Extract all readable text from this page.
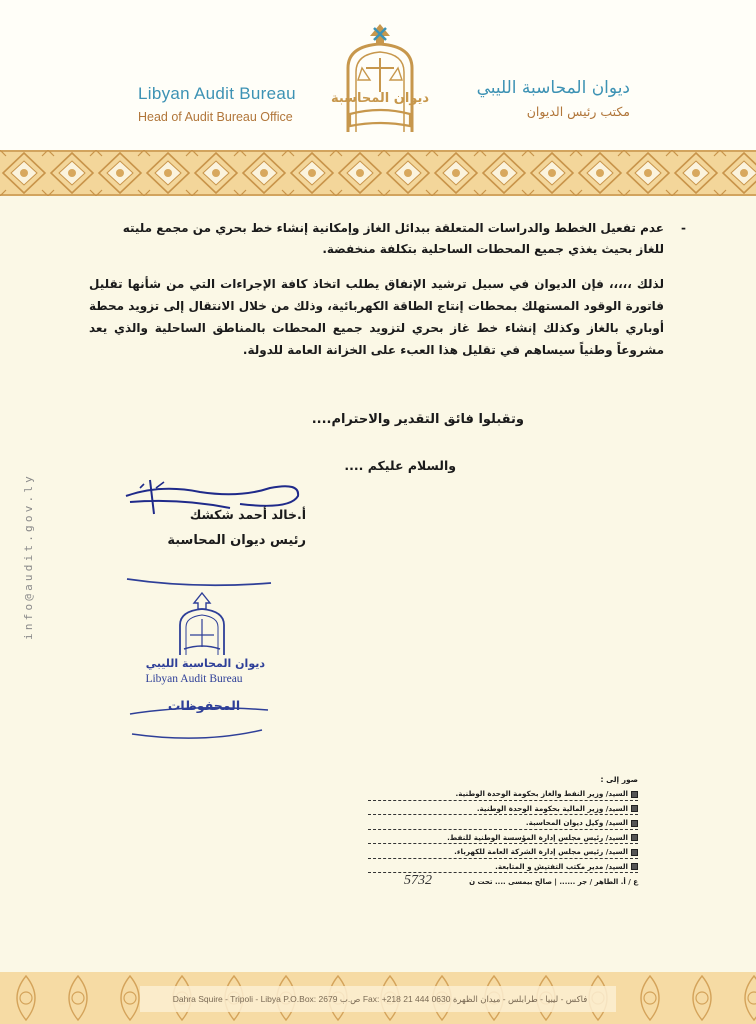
Libyan Audit Bureau
Head of Audit Bureau Office
ديوان المحاسبة
ديوان المحاسبة الليبي
مكتب رئيس الديوان
-
عدم تفعيل الخطط والدراسات المتعلقة ببدائل الغاز وإمكانية إنشاء خط بحري من مجمع مليته للغاز بحيث يغذي جميع المحطات الساحلية بتكلفة منخفضة.
لذلك ،،،،، فإن الديوان في سبيل ترشيد الإنفاق يطلب اتخاذ كافة الإجراءات التي من شأنها تقليل فاتورة الوقود المستهلك بمحطات إنتاج الطاقة الكهربائية، وذلك من خلال الانتقال إلى تزويد محطة أوباري بالغاز وكذلك إنشاء خط غاز بحري لتزويد جميع المحطات بالمناطق الساحلية والذي يعد مشروعاً وطنياً سيساهم في تقليل هذا العبء على الخزانة العامة للدولة.
وتقبلوا فائق التقدير والاحترام....
والسلام عليكم ....
أ.خالد أحمد شكشك
رئيس ديوان المحاسبة
ديوان المحاسبة الليبي
Libyan Audit Bureau
المحفوظات
info@audit.gov.ly
صور إلى :
السيد/ وزير النفط والغاز بحكومة الوحدة الوطنية.
السيد/ وزير المالية بحكومة الوحدة الوطنية.
السيد/ وكيل ديوان المحاسبة.
السيد/ رئيس مجلس إدارة المؤسسة الوطنية للنفط.
السيد/ رئيس مجلس إدارة الشركة العامة للكهرباء.
السيد/ مدير مكتب التفتيش و المتابعة.
ع / أ. الطاهر / جر ...... | صالح بيمسى .... تحت ن
5732
Dahra Squire - Tripoli - Libya P.O.Box: 2679 ص.ب Fax: +218 21 444 0630 فاكس - ليبيا - طرابلس - ميدان الظهرة
